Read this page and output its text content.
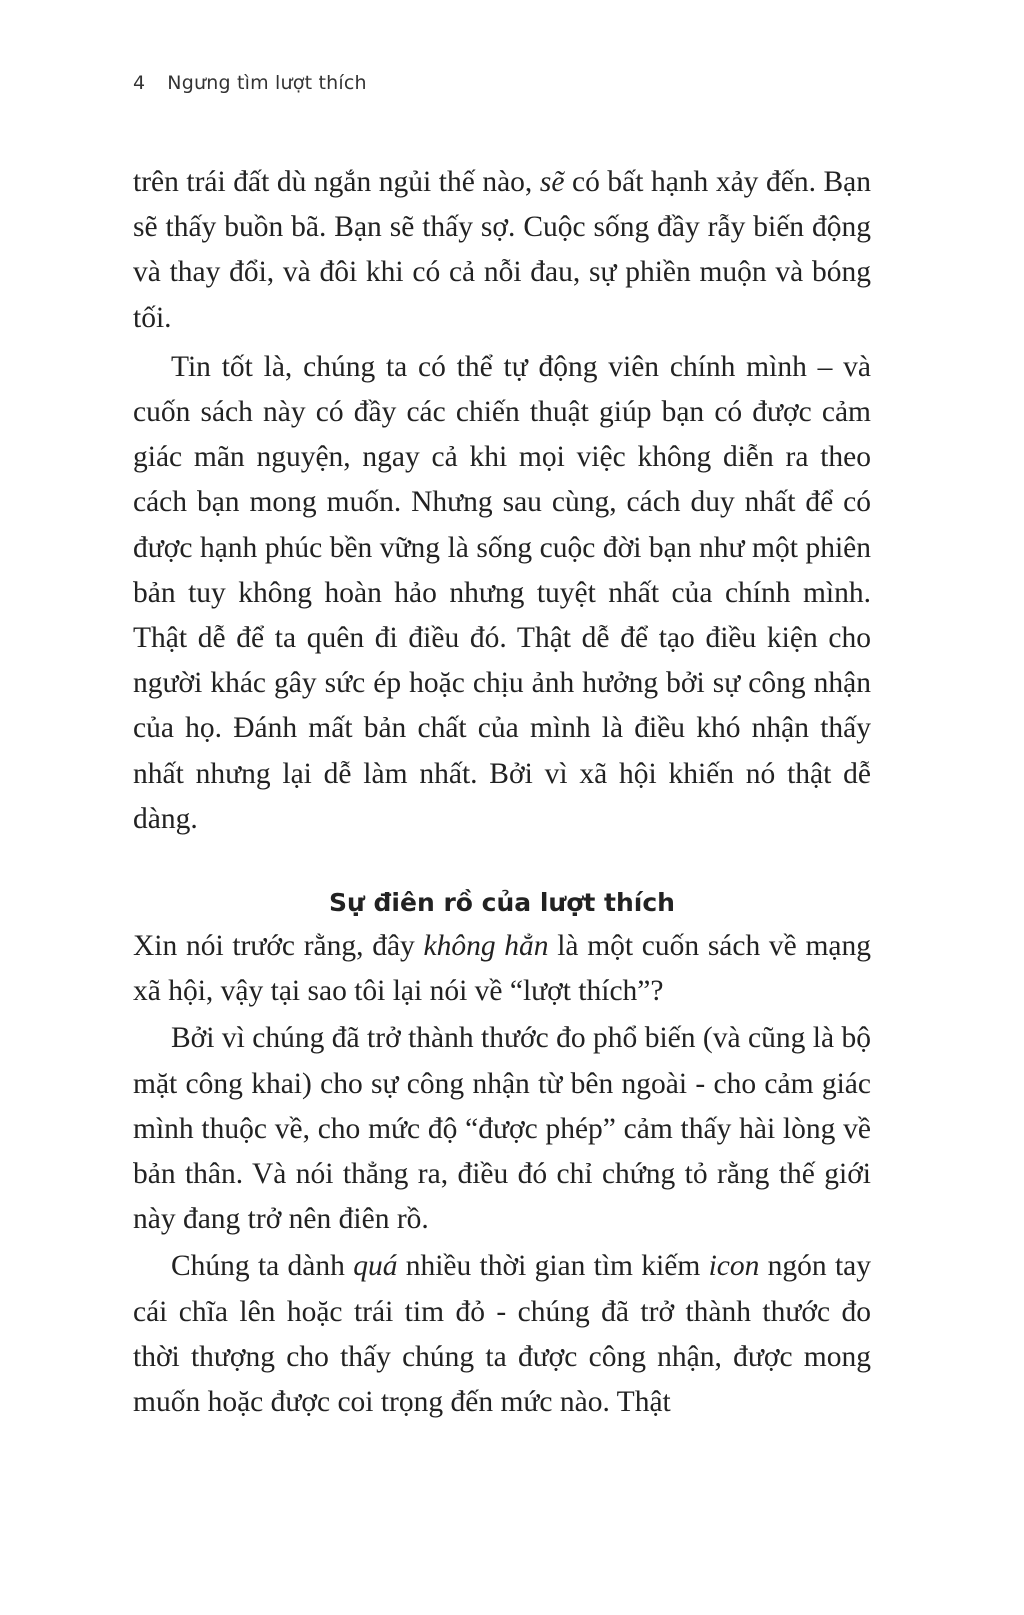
4 Ngưng tìm lượt thích

trên trái đất dù ngắn ngủi thế nào, sẽ có bất hạnh xảy đến. Bạn sẽ thấy buồn bã. Bạn sẽ thấy sợ. Cuộc sống đầy rẫy biến động và thay đổi, và đôi khi có cả nỗi đau, sự phiền muộn và bóng tối.

Tin tốt là, chúng ta có thể tự động viên chính mình – và cuốn sách này có đầy các chiến thuật giúp bạn có được cảm giác mãn nguyện, ngay cả khi mọi việc không diễn ra theo cách bạn mong muốn. Nhưng sau cùng, cách duy nhất để có được hạnh phúc bền vững là sống cuộc đời bạn như một phiên bản tuy không hoàn hảo nhưng tuyệt nhất của chính mình. Thật dễ để ta quên đi điều đó. Thật dễ để tạo điều kiện cho người khác gây sức ép hoặc chịu ảnh hưởng bởi sự công nhận của họ. Đánh mất bản chất của mình là điều khó nhận thấy nhất nhưng lại dễ làm nhất. Bởi vì xã hội khiến nó thật dễ dàng.

Sự điên rồ của lượt thích

Xin nói trước rằng, đây không hẳn là một cuốn sách về mạng xã hội, vậy tại sao tôi lại nói về “lượt thích”?

Bởi vì chúng đã trở thành thước đo phổ biến (và cũng là bộ mặt công khai) cho sự công nhận từ bên ngoài - cho cảm giác mình thuộc về, cho mức độ “được phép” cảm thấy hài lòng về bản thân. Và nói thẳng ra, điều đó chỉ chứng tỏ rằng thế giới này đang trở nên điên rồ.

Chúng ta dành quá nhiều thời gian tìm kiếm icon ngón tay cái chĩa lên hoặc trái tim đỏ - chúng đã trở thành thước đo thời thượng cho thấy chúng ta được công nhận, được mong muốn hoặc được coi trọng đến mức nào. Thật
